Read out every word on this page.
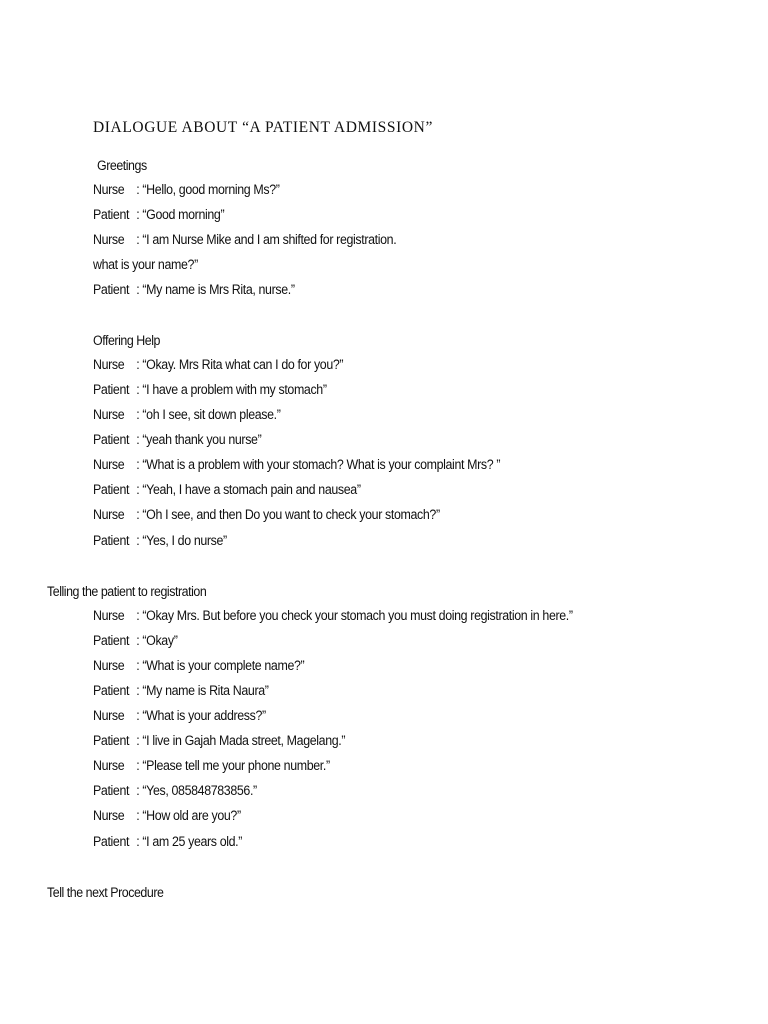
DIALOGUE ABOUT “A PATIENT ADMISSION”
Greetings
Nurse : “Hello, good morning Ms?”
Patient : “Good morning”
Nurse : “I am Nurse Mike and I am shifted for registration.
what is your name?”
Patient : “My name is Mrs Rita, nurse.”
Offering Help
Nurse : “Okay. Mrs Rita what can I do for you?”
Patient : “I have a problem with my stomach”
Nurse : “oh I see, sit down please.”
Patient : “yeah thank you nurse”
Nurse : “What is a problem with your stomach? What is your complaint Mrs? ”
Patient : “Yeah, I have a stomach pain and nausea”
Nurse : “Oh I see, and then Do you want to check your stomach?”
Patient : “Yes, I do nurse”
Telling the patient to registration
Nurse : “Okay Mrs. But before you check your stomach you must doing registration in here.”
Patient : “Okay”
Nurse : “What is your complete name?”
Patient : “My name is Rita Naura”
Nurse : “What is your address?”
Patient : “I live in Gajah Mada street, Magelang.”
Nurse : “Please tell me your phone number.”
Patient : “Yes, 085848783856.”
Nurse : “How old are you?”
Patient : “I am 25 years old.”
Tell the next Procedure
